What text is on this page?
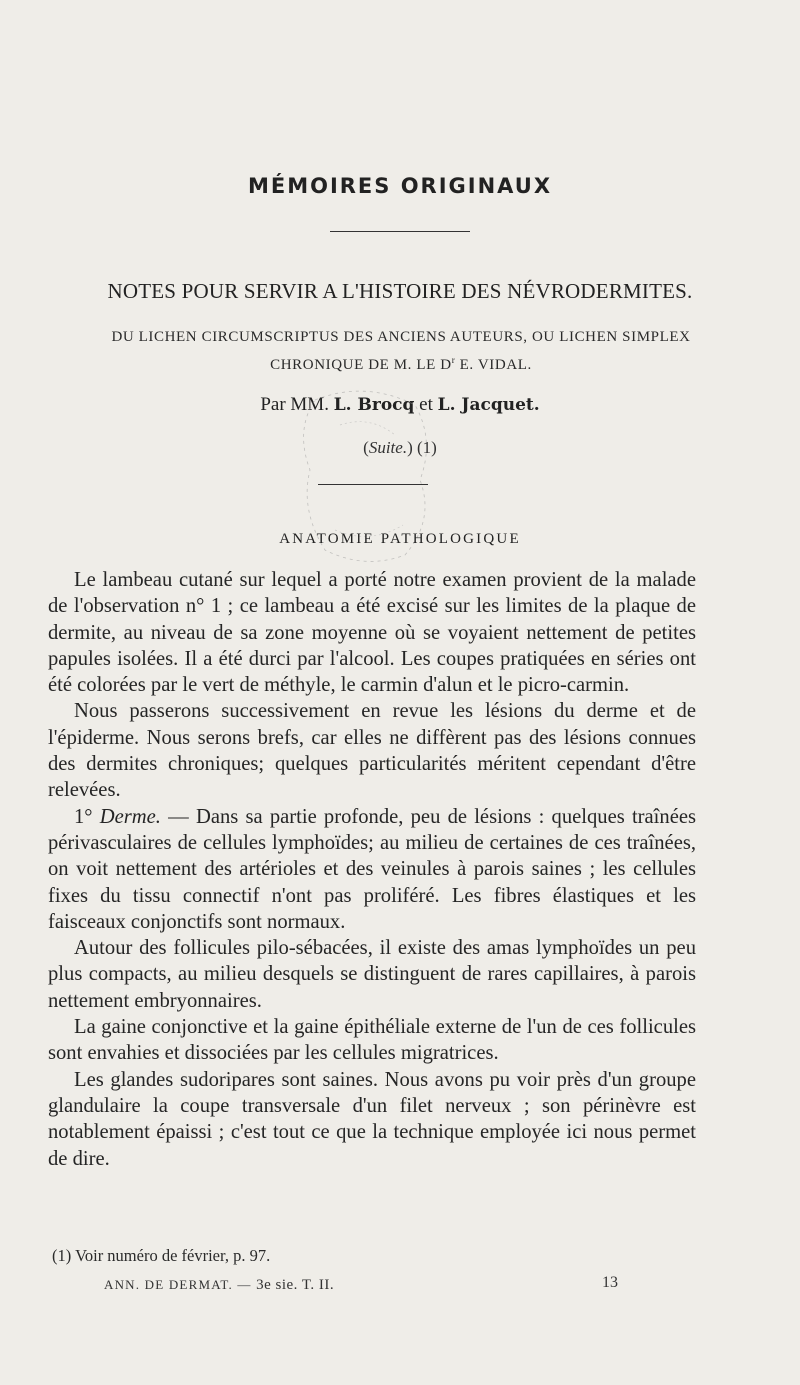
MÉMOIRES ORIGINAUX
NOTES POUR SERVIR A L'HISTOIRE DES NÉVRODERMITES.
DU LICHEN CIRCUMSCRIPTUS DES ANCIENS AUTEURS, OU LICHEN SIMPLEX
CHRONIQUE DE M. LE $D^r$ E. VIDAL.
Par MM. L. Brocq et L. Jacquet.
(Suite.) (1)
ANATOMIE PATHOLOGIQUE

Le lambeau cutané sur lequel a porté notre examen provient de la malade de l'observation n° 1 ; ce lambeau a été excisé sur les limites de la plaque de dermite, au niveau de sa zone moyenne où se voyaient nettement de petites papules isolées. Il a été durci par l'alcool. Les coupes pratiquées en séries ont été colorées par le vert de méthyle, le carmin d'alun et le picro-carmin.

Nous passerons successivement en revue les lésions du derme et de l'épiderme. Nous serons brefs, car elles ne diffèrent pas des lésions connues des dermites chroniques; quelques particularités méritent cependant d'être relevées.

1° Derme. — Dans sa partie profonde, peu de lésions : quelques traînées périvasculaires de cellules lymphoïdes; au milieu de certaines de ces traînées, on voit nettement des artérioles et des veinules à parois saines ; les cellules fixes du tissu connectif n'ont pas proliféré. Les fibres élastiques et les faisceaux conjonctifs sont normaux.

Autour des follicules pilo-sébacées, il existe des amas lymphoïdes un peu plus compacts, au milieu desquels se distinguent de rares capillaires, à parois nettement embryonnaires.

La gaine conjonctive et la gaine épithéliale externe de l'un de ces follicules sont envahies et dissociées par les cellules migratrices.

Les glandes sudoripares sont saines. Nous avons pu voir près d'un groupe glandulaire la coupe transversale d'un filet nerveux ; son périnèvre est notablement épaissi ; c'est tout ce que la technique employée ici nous permet de dire.

(1) Voir numéro de février, p. 97.
ANN. DE DERMAT. — 3e sie. T. II.	13
